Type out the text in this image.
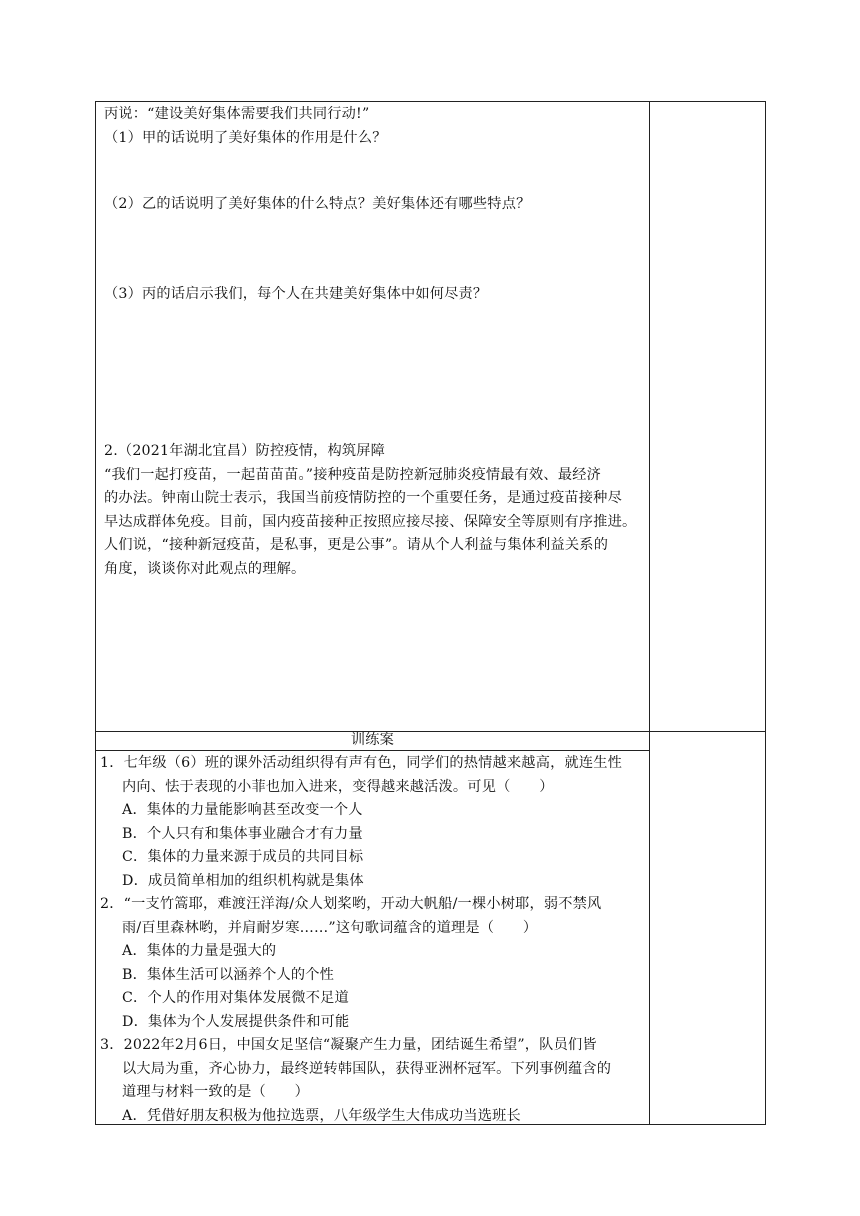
丙说：“建设美好集体需要我们共同行动!”

（1）甲的话说明了美好集体的作用是什么？

（2）乙的话说明了美好集体的什么特点？美好集体还有哪些特点？

（3）丙的话启示我们，每个人在共建美好集体中如何尽责？

2.（2021年湖北宜昌）防控疫情，构筑屏障

“我们一起打疫苗，一起苗苗苗。”接种疫苗是防控新冠肺炎疫情最有效、最经济

的办法。钟南山院士表示，我国当前疫情防控的一个重要任务，是通过疫苗接种尽

早达成群体免疫。目前，国内疫苗接种正按照应接尽接、保障安全等原则有序推进。

人们说，“接种新冠疫苗，是私事，更是公事”。请从个人利益与集体利益关系的

角度，谈谈你对此观点的理解。

训练案

1．七年级（6）班的课外活动组织得有声有色，同学们的热情越来越高，就连生性

内向、怯于表现的小菲也加入进来，变得越来越活泼。可见（　　）

A．集体的力量能影响甚至改变一个人

B．个人只有和集体事业融合才有力量

C．集体的力量来源于成员的共同目标

D．成员简单相加的组织机构就是集体

2．“一支竹篙耶，难渡汪洋海/众人划桨哟，开动大帆船/一棵小树耶，弱不禁风

雨/百里森林哟，并肩耐岁寒……”这句歌词蕴含的道理是（　　）

A．集体的力量是强大的

B．集体生活可以涵养个人的个性

C．个人的作用对集体发展微不足道

D．集体为个人发展提供条件和可能

3．2022年2月6日，中国女足坚信“凝聚产生力量，团结诞生希望”，队员们皆

以大局为重，齐心协力，最终逆转韩国队，获得亚洲杯冠军。下列事例蕴含的

道理与材料一致的是（　　）

A．凭借好朋友积极为他拉选票，八年级学生大伟成功当选班长
